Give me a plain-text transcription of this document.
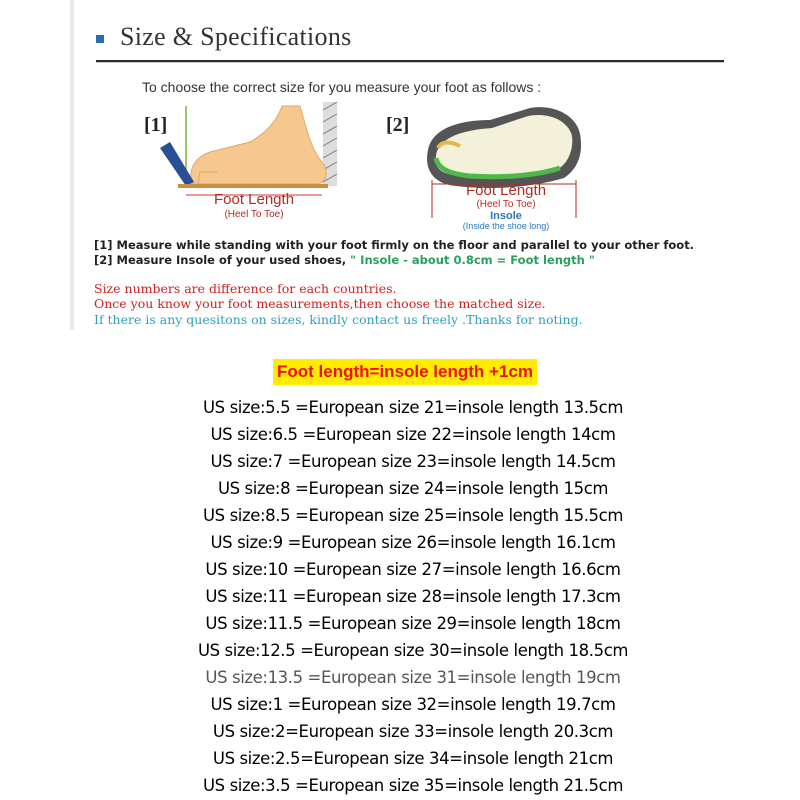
Size & Specifications
To choose the correct size for you measure your foot as follows :
[1]	[2]
Foot Length
(Heel To Toe)
Foot Length
(Heel To Toe)
Insole
(Inside the shoe long)
[1] Measure while standing with your foot firmly on the floor and parallel to your other foot.
[2] Measure Insole of your used shoes, " Insole - about 0.8cm = Foot length "
Size numbers are difference for each countries.
Once you know your foot measurements,then choose the matched size.
If there is any quesitons on sizes, kindly contact us freely .Thanks for noting.
Foot length=insole length +1cm
US size:5.5 =European size 21=insole length 13.5cm
US size:6.5 =European size 22=insole length 14cm
US size:7 =European size 23=insole length 14.5cm
US size:8 =European size 24=insole length 15cm
US size:8.5 =European size 25=insole length 15.5cm
US size:9 =European size 26=insole length 16.1cm
US size:10 =European size 27=insole length 16.6cm
US size:11 =European size 28=insole length 17.3cm
US size:11.5 =European size 29=insole length 18cm
US size:12.5 =European size 30=insole length 18.5cm
US size:13.5 =European size 31=insole length 19cm
US size:1 =European size 32=insole length 19.7cm
US size:2=European size 33=insole length 20.3cm
US size:2.5=European size 34=insole length 21cm
US size:3.5 =European size 35=insole length 21.5cm
